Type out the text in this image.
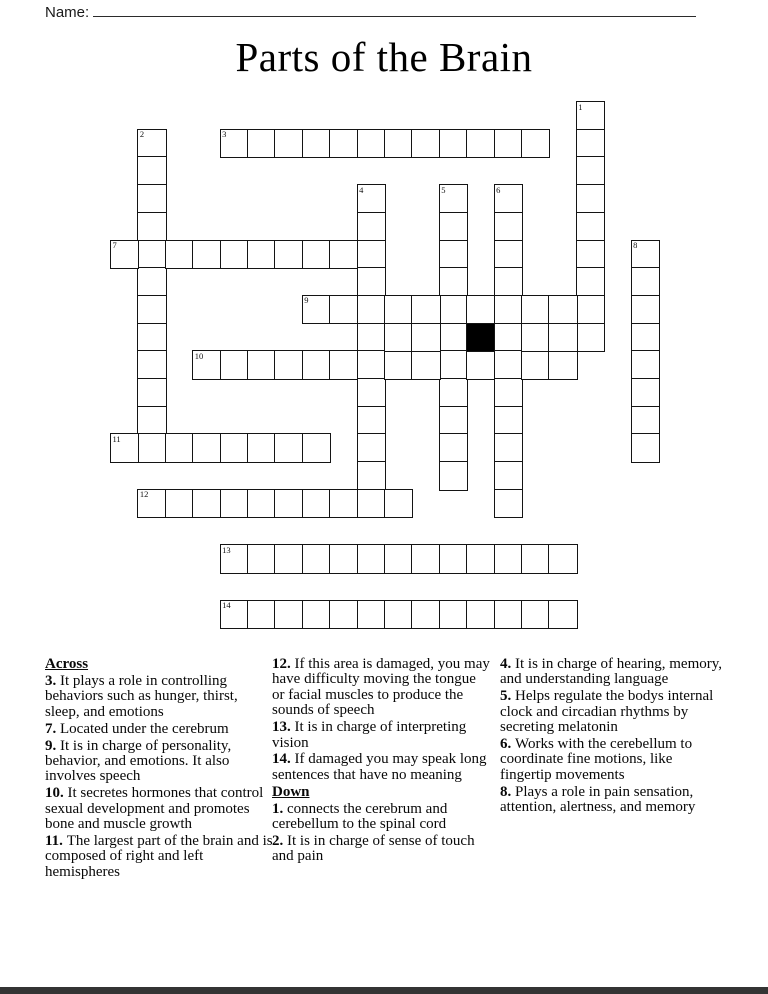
Name:
Parts of the Brain
1
2	3
4	5	6
7	8
9
10
11
12
13
14

Across

3. It plays a role in controlling behaviors such as hunger, thirst, sleep, and emotions

7. Located under the cerebrum

9. It is in charge of personality, behavior, and emotions. It also involves speech

10. It secretes hormones that control sexual development and promotes bone and muscle growth

11. The largest part of the brain and is composed of right and left hemispheres

12. If this area is damaged, you may have difficulty moving the tongue or facial muscles to produce the sounds of speech

13. It is in charge of interpreting vision

14. If damaged you may speak long sentences that have no meaning

Down

1. connects the cerebrum and cerebellum to the spinal cord

2. It is in charge of sense of touch and pain

4. It is in charge of hearing, memory, and understanding language

5. Helps regulate the bodys internal clock and circadian rhythms by secreting melatonin

6. Works with the cerebellum to coordinate fine motions, like fingertip movements

8. Plays a role in pain sensation, attention, alertness, and memory
